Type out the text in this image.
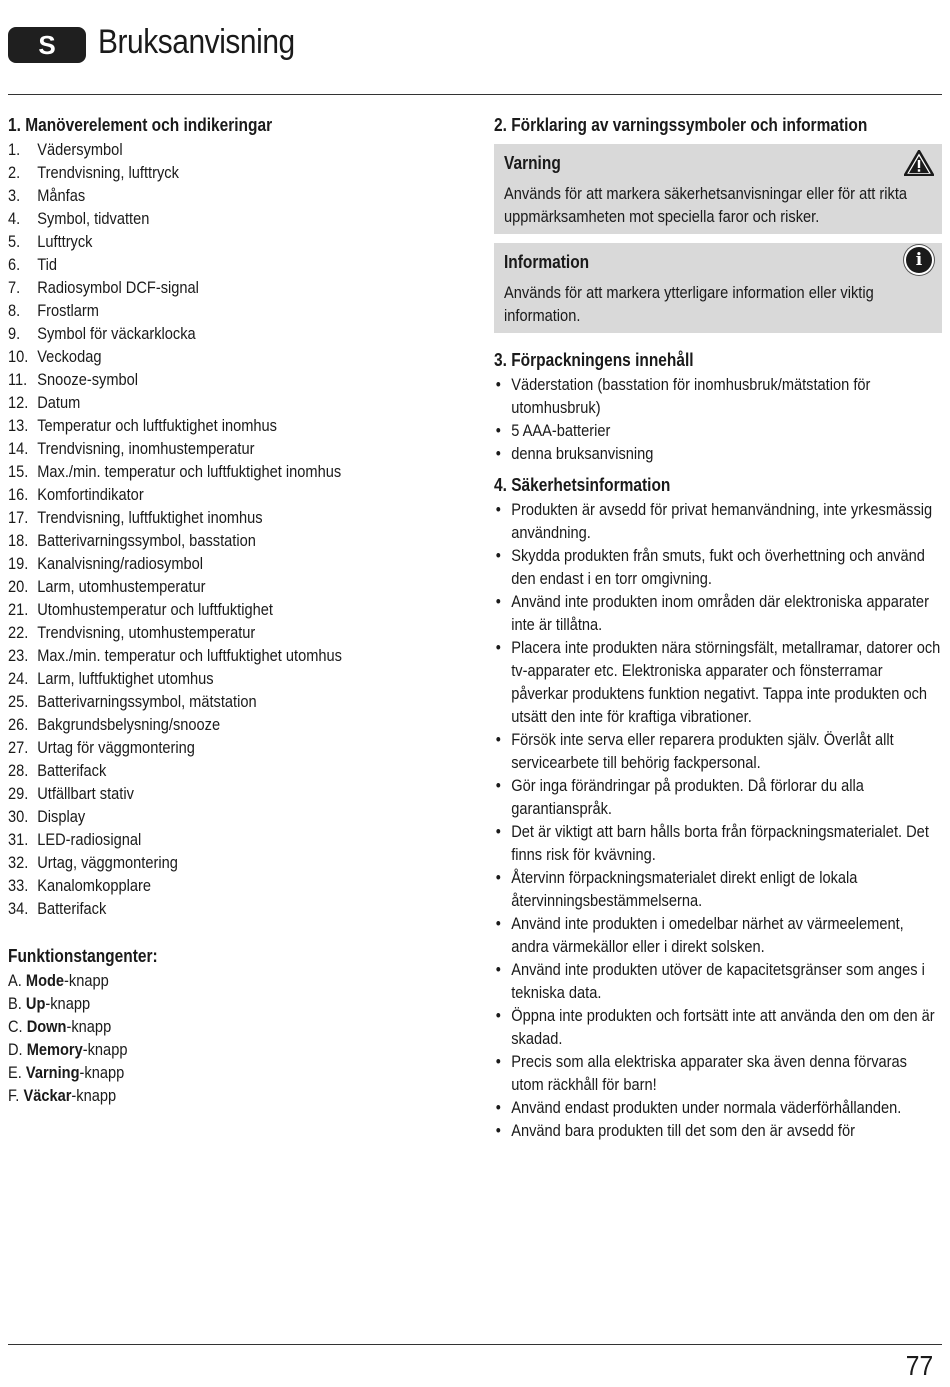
S	Bruksanvisning
1. Manöverelement och indikeringar
1. Vädersymbol
2. Trendvisning, lufttryck
3. Månfas
4. Symbol, tidvatten
5. Lufttryck
6. Tid
7. Radiosymbol DCF-signal
8. Frostlarm
9. Symbol för väckarklocka
10. Veckodag
11. Snooze-symbol
12. Datum
13. Temperatur och luftfuktighet inomhus
14. Trendvisning, inomhustemperatur
15. Max./min. temperatur och luftfuktighet inomhus
16. Komfortindikator
17. Trendvisning, luftfuktighet inomhus
18. Batterivarningssymbol, basstation
19. Kanalvisning/radiosymbol
20. Larm, utomhustemperatur
21. Utomhustemperatur och luftfuktighet
22. Trendvisning, utomhustemperatur
23. Max./min. temperatur och luftfuktighet utomhus
24. Larm, luftfuktighet utomhus
25. Batterivarningssymbol, mätstation
26. Bakgrundsbelysning/snooze
27. Urtag för väggmontering
28. Batterifack
29. Utfällbart stativ
30. Display
31. LED-radiosignal
32. Urtag, väggmontering
33. Kanalomkopplare
34. Batterifack
Funktionstangenter:
A. Mode-knapp
B. Up-knapp
C. Down-knapp
D. Memory-knapp
E. Varning-knapp
F. Väckar-knapp
2. Förklaring av varningssymboler och information
Varning
Används för att markera säkerhetsanvisningar eller för att rikta uppmärksamheten mot speciella faror och risker.
i
Information
Används för att markera ytterligare information eller viktig information.
3. Förpackningens innehåll
• Väderstation (basstation för inomhusbruk/mätstation för utomhusbruk)
• 5 AAA-batterier
• denna bruksanvisning
4. Säkerhetsinformation
• Produkten är avsedd för privat hemanvändning, inte yrkesmässig användning.
• Skydda produkten från smuts, fukt och överhettning och använd den endast i en torr omgivning.
• Använd inte produkten inom områden där elektroniska apparater inte är tillåtna.
• Placera inte produkten nära störningsfält, metallramar, datorer och tv-apparater etc. Elektroniska apparater och fönsterramar påverkar produktens funktion negativt. Tappa inte produkten och utsätt den inte för kraftiga vibrationer.
• Försök inte serva eller reparera produkten själv. Överlåt allt servicearbete till behörig fackpersonal.
• Gör inga förändringar på produkten. Då förlorar du alla garantianspråk.
• Det är viktigt att barn hålls borta från förpackningsmaterialet. Det finns risk för kvävning.
• Återvinn förpackningsmaterialet direkt enligt de lokala återvinningsbestämmelserna.
• Använd inte produkten i omedelbar närhet av värmeelement, andra värmekällor eller i direkt solsken.
• Använd inte produkten utöver de kapacitetsgränser som anges i tekniska data.
• Öppna inte produkten och fortsätt inte att använda den om den är skadad.
• Precis som alla elektriska apparater ska även denna förvaras utom räckhåll för barn!
• Använd endast produkten under normala väderförhållanden.
• Använd bara produkten till det som den är avsedd för
77
